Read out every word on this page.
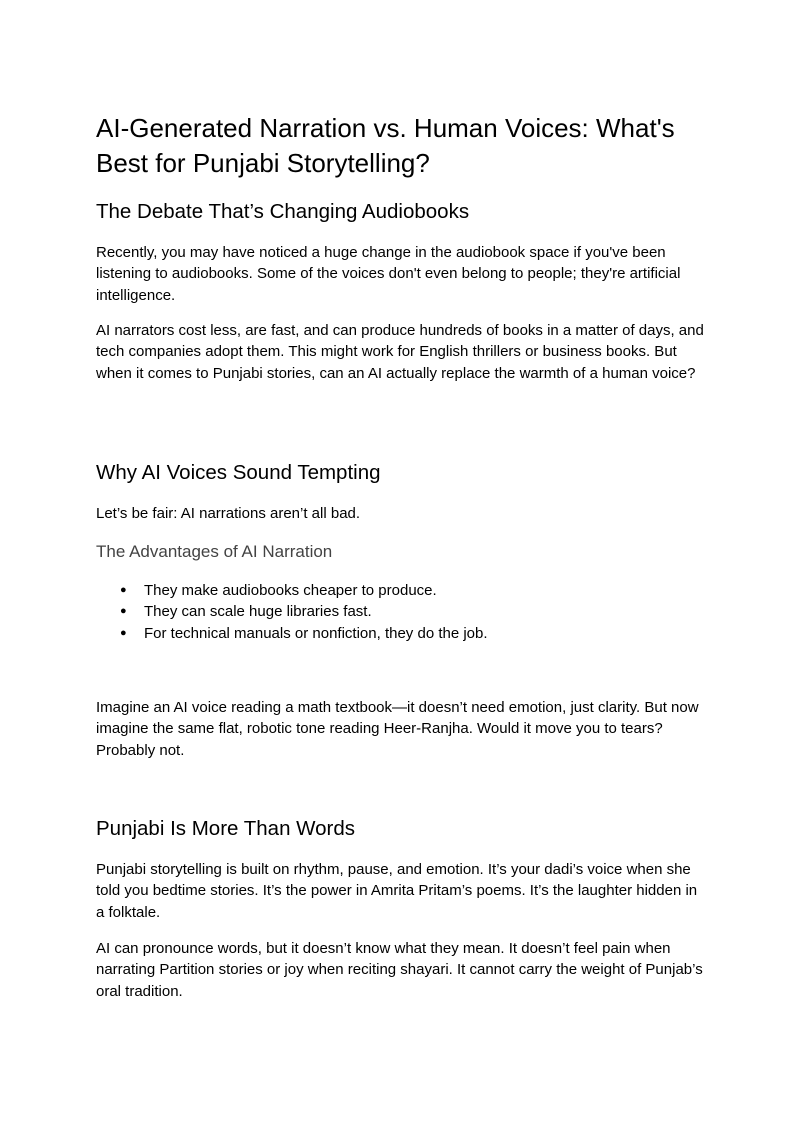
AI-Generated Narration vs. Human Voices: What's Best for Punjabi Storytelling?
The Debate That’s Changing Audiobooks

Recently, you may have noticed a huge change in the audiobook space if you've been listening to audiobooks. Some of the voices don't even belong to people; they're artificial intelligence.

AI narrators cost less, are fast, and can produce hundreds of books in a matter of days, and tech companies adopt them. This might work for English thrillers or business books. But when it comes to Punjabi stories, can an AI actually replace the warmth of a human voice?

Why AI Voices Sound Tempting

Let’s be fair: AI narrations aren’t all bad.

The Advantages of AI Narration
● They make audiobooks cheaper to produce.
● They can scale huge libraries fast.
● For technical manuals or nonfiction, they do the job.

Imagine an AI voice reading a math textbook—it doesn’t need emotion, just clarity. But now imagine the same flat, robotic tone reading Heer-Ranjha. Would it move you to tears? Probably not.

Punjabi Is More Than Words

Punjabi storytelling is built on rhythm, pause, and emotion. It’s your dadi’s voice when she told you bedtime stories. It’s the power in Amrita Pritam’s poems. It’s the laughter hidden in a folktale.

AI can pronounce words, but it doesn’t know what they mean. It doesn’t feel pain when narrating Partition stories or joy when reciting shayari. It cannot carry the weight of Punjab’s oral tradition.
